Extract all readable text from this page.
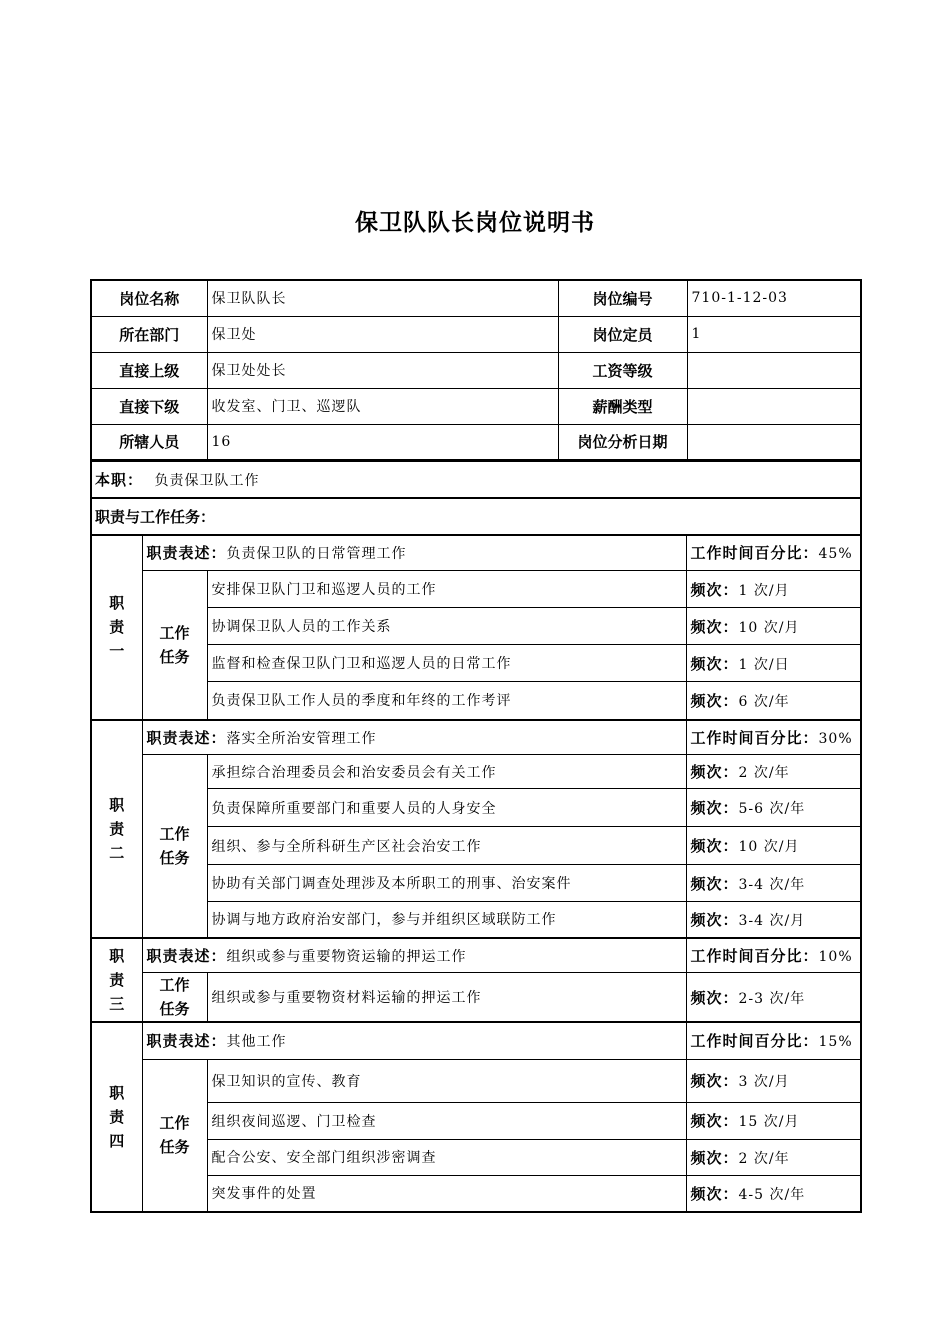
保卫队队长岗位说明书
岗位名称	保卫队队长	岗位编号	710-1-12-03
所在部门	保卫处	岗位定员	1
直接上级	保卫处处长	工资等级	
直接下级	收发室、门卫、巡逻队	薪酬类型	
所辖人员	16	岗位分析日期	
本职： 负责保卫队工作			
职责与工作任务：			
职
责
一	职责表述：负责保卫队的日常管理工作		工作时间百分比：45%
	工作
任务	安排保卫队门卫和巡逻人员的工作	频次：1 次/月
		协调保卫队人员的工作关系	频次：10 次/月
		监督和检查保卫队门卫和巡逻人员的日常工作	频次：1 次/日
		负责保卫队工作人员的季度和年终的工作考评	频次：6 次/年
职
责
二	职责表述：落实全所治安管理工作		工作时间百分比：30%
	工作
任务	承担综合治理委员会和治安委员会有关工作	频次：2 次/年
		负责保障所重要部门和重要人员的人身安全	频次：5-6 次/年
		组织、参与全所科研生产区社会治安工作	频次：10 次/月
		协助有关部门调查处理涉及本所职工的刑事、治安案件	频次：3-4 次/年
		协调与地方政府治安部门，参与并组织区域联防工作	频次：3-4 次/月
职
责
三	职责表述：组织或参与重要物资运输的押运工作		工作时间百分比：10%
	工作
任务	组织或参与重要物资材料运输的押运工作	频次：2-3 次/年
职
责
四	职责表述：其他工作		工作时间百分比：15%
	工作
任务	保卫知识的宣传、教育	频次：3 次/月
		组织夜间巡逻、门卫检查	频次：15 次/月
		配合公安、安全部门组织涉密调查	频次：2 次/年
		突发事件的处置	频次：4-5 次/年
